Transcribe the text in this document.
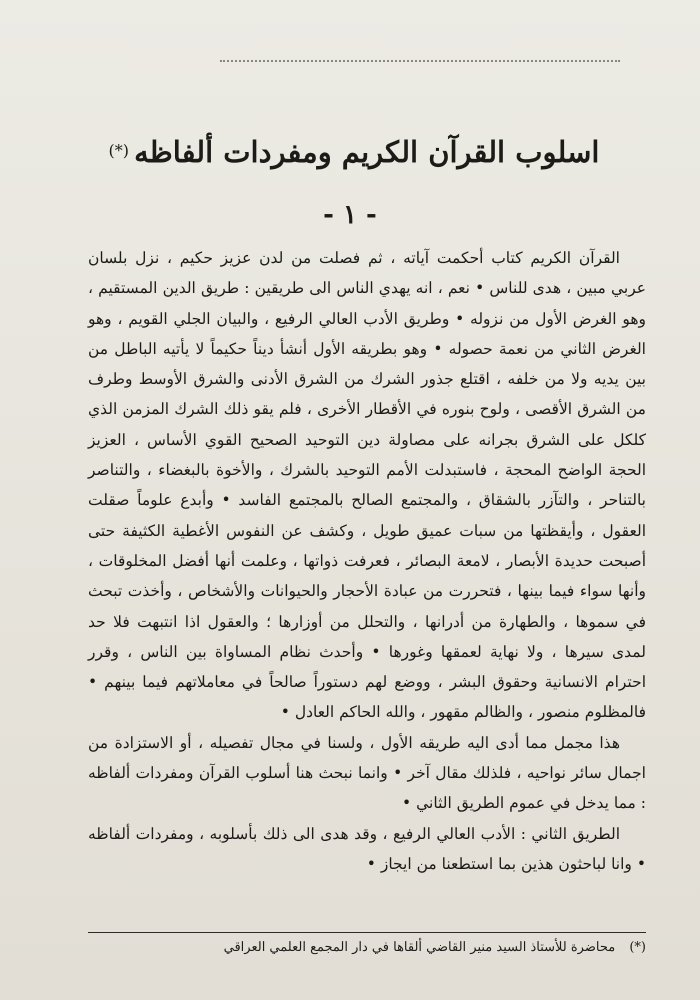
اسلوب القرآن الكريم ومفردات ألفاظه (*)
- ١ -

القرآن الكريم كتاب أحكمت آياته ، ثم فصلت من لدن عزيز حكيم ، نزل بلسان عربي مبين ، هدى للناس • نعم ، انه يهدي الناس الى طريقين : طريق الدين المستقيم ، وهو الغرض الأول من نزوله • وطريق الأدب العالي الرفيع ، والبيان الجلي القويم ، وهو الغرض الثاني من نعمة حصوله • وهو بطريقه الأول أنشأ ديناً حكيماً لا يأتيه الباطل من بين يديه ولا من خلفه ، اقتلع جذور الشرك من الشرق الأدنى والشرق الأوسط وطرف من الشرق الأقصى ، ولوح بنوره في الأقطار الأخرى ، فلم يقو ذلك الشرك المزمن الذي كلكل على الشرق بجرانه على مصاولة دين التوحيد الصحيح القوي الأساس ، العزيز الحجة الواضح المحجة ، فاستبدلت الأمم التوحيد بالشرك ، والأخوة بالبغضاء ، والتناصر بالتناحر ، والتآزر بالشقاق ، والمجتمع الصالح بالمجتمع الفاسد • وأبدع علوماً صقلت العقول ، وأيقظتها من سبات عميق طويل ، وكشف عن النفوس الأغطية الكثيفة حتى أصبحت حديدة الأبصار ، لامعة البصائر ، فعرفت ذواتها ، وعلمت أنها أفضل المخلوقات ، وأنها سواء فيما بينها ، فتحررت من عبادة الأحجار والحيوانات والأشخاص ، وأخذت تبحث في سموها ، والطهارة من أدرانها ، والتحلل من أوزارها ؛ والعقول اذا انتبهت فلا حد لمدى سيرها ، ولا نهاية لعمقها وغورها • وأحدث نظام المساواة بين الناس ، وقرر احترام الانسانية وحقوق البشر ، ووضع لهم دستوراً صالحاً في معاملاتهم فيما بينهم • فالمظلوم منصور ، والظالم مقهور ، والله الحاكم العادل •

هذا مجمل مما أدى اليه طريقه الأول ، ولسنا في مجال تفصيله ، أو الاستزادة من اجمال سائر نواحيه ، فلذلك مقال آخر • وانما نبحث هنا أسلوب القرآن ومفردات ألفاظه : مما يدخل في عموم الطريق الثاني •

الطريق الثاني : الأدب العالي الرفيع ، وقد هدى الى ذلك بأسلوبه ، ومفردات ألفاظه • وانا لباحثون هذين بما استطعنا من ايجاز •

(*) محاضرة للأستاذ السيد منير القاضي ألقاها في دار المجمع العلمي العراقي
